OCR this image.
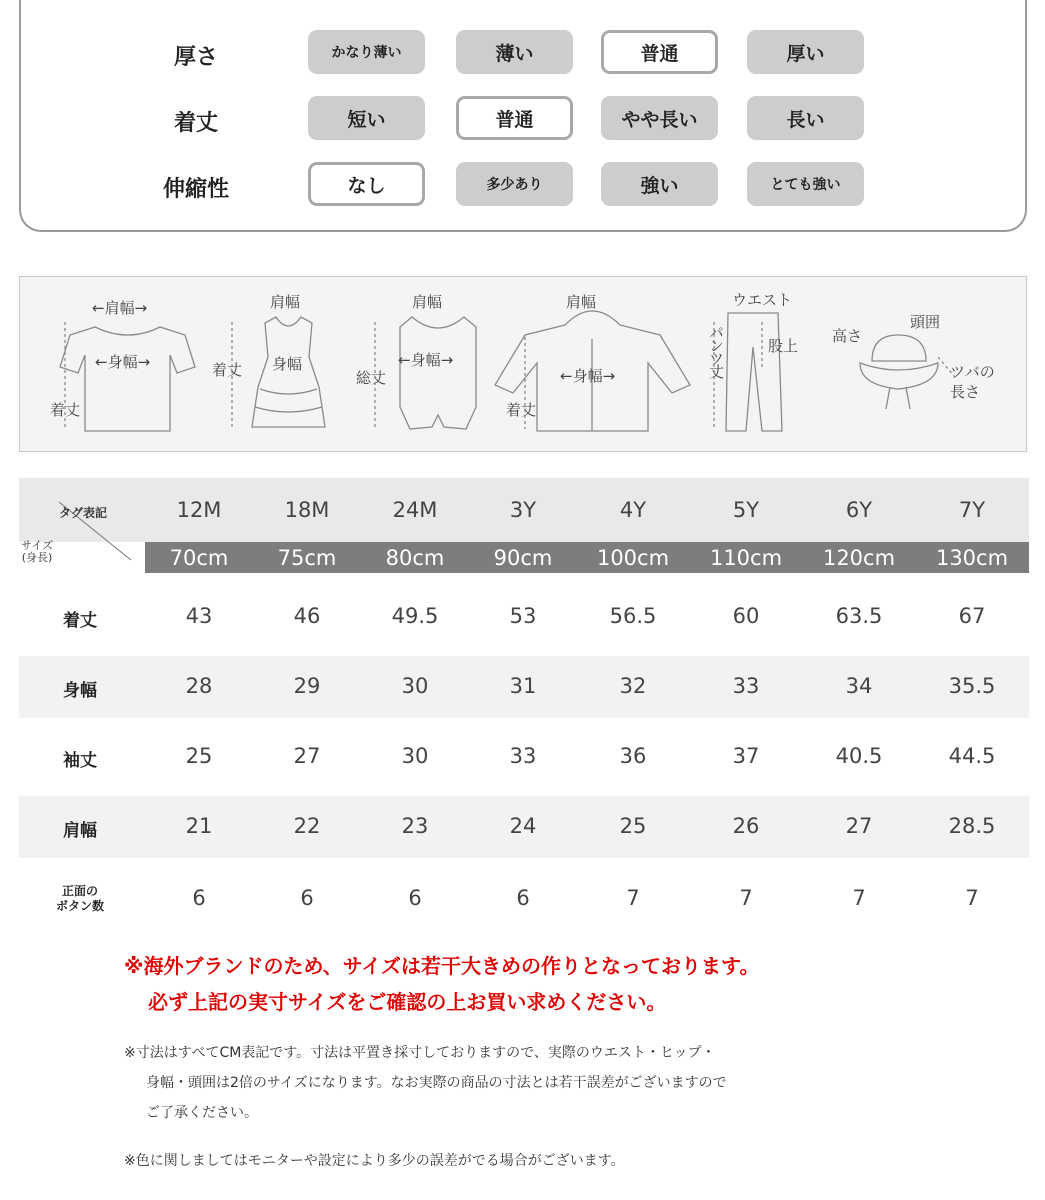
厚さ	かなり薄い	薄い	普通	厚い
着丈	短い	普通	やや長い	長い
伸縮性	なし	多少あり	強い	とても強い
←肩幅→
←身幅→
着丈
肩幅
身幅
着丈
肩幅
←身幅→
総丈
肩幅
←身幅→
着丈
ウエスト
股上
パンツ丈	高さ
頭囲
ツバの
長さ
タグ表記
サイズ
(身長)
12M	18M	24M	3Y	4Y	5Y	6Y	7Y
70cm	75cm	80cm	90cm	100cm	110cm	120cm	130cm
着丈	43	46	49.5	53	56.5	60	63.5	67
身幅	28	29	30	31	32	33	34	35.5
袖丈	25	27	30	33	36	37	40.5	44.5
肩幅	21	22	23	24	25	26	27	28.5
正面の
ボタン数	6	6	6	6	7	7	7	7
※海外ブランドのため、サイズは若干大きめの作りとなっております。
必ず上記の実寸サイズをご確認の上お買い求めください。
※寸法はすべてCM表記です。寸法は平置き採寸しておりますので、実際のウエスト・ヒップ・
身幅・頭囲は2倍のサイズになります。なお実際の商品の寸法とは若干誤差がございますので
ご了承ください。
※色に関しましてはモニターや設定により多少の誤差がでる場合がございます。
